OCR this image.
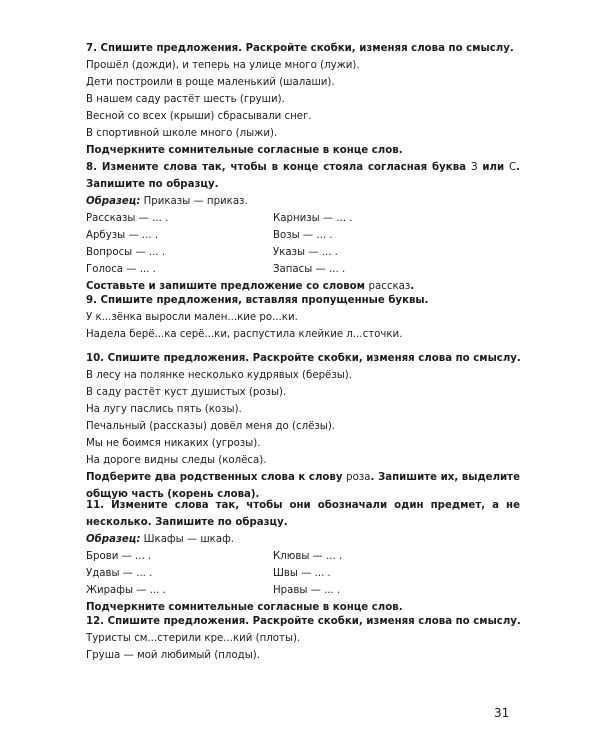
7. Спишите предложения. Раскройте скобки, изменяя слова по смыслу.
Прошёл (дожди), и теперь на улице много (лужи).
Дети построили в роще маленький (шалаши).
В нашем саду растёт шесть (груши).
Весной со всех (крыши) сбрасывали снег.
В спортивной школе много (лыжи).
Подчеркните сомнительные согласные в конце слов.
8. Измените слова так, чтобы в конце стояла согласная буква З или С. Запишите по образцу.
Образец: Приказы — приказ.
Рассказы — ... .
Арбузы — ... .
Вопросы — ... .
Голоса — ... .
Карнизы — ... .
Возы — ... .
Указы — ... .
Запасы — ... .
Составьте и запишите предложение со словом рассказ.
9. Спишите предложения, вставляя пропущенные буквы.
У к...зёнка выросли мален...кие ро...ки.
Надела берё...ка серё...ки, распустила клейкие л...сточки.
10. Спишите предложения. Раскройте скобки, изменяя слова по смыслу.
В лесу на полянке несколько кудрявых (берёзы).
В саду растёт куст душистых (розы).
На лугу паслись пять (козы).
Печальный (рассказы) довёл меня до (слёзы).
Мы не боимся никаких (угрозы).
На дороге видны следы (колёса).
Подберите два родственных слова к слову роза. Запишите их, выделите общую часть (корень слова).
11. Измените слова так, чтобы они обозначали один предмет, а не несколько. Запишите по образцу.
Образец: Шкафы — шкаф.
Брови — ... .
Удавы — ... .
Жирафы — ... .
Клювы — ... .
Швы — ... .
Нравы — ... .
Подчеркните сомнительные согласные в конце слов.
12. Спишите предложения. Раскройте скобки, изменяя слова по смыслу.
Туристы см...стерили кре...кий (плоты).
Груша — мой любимый (плоды).
31
